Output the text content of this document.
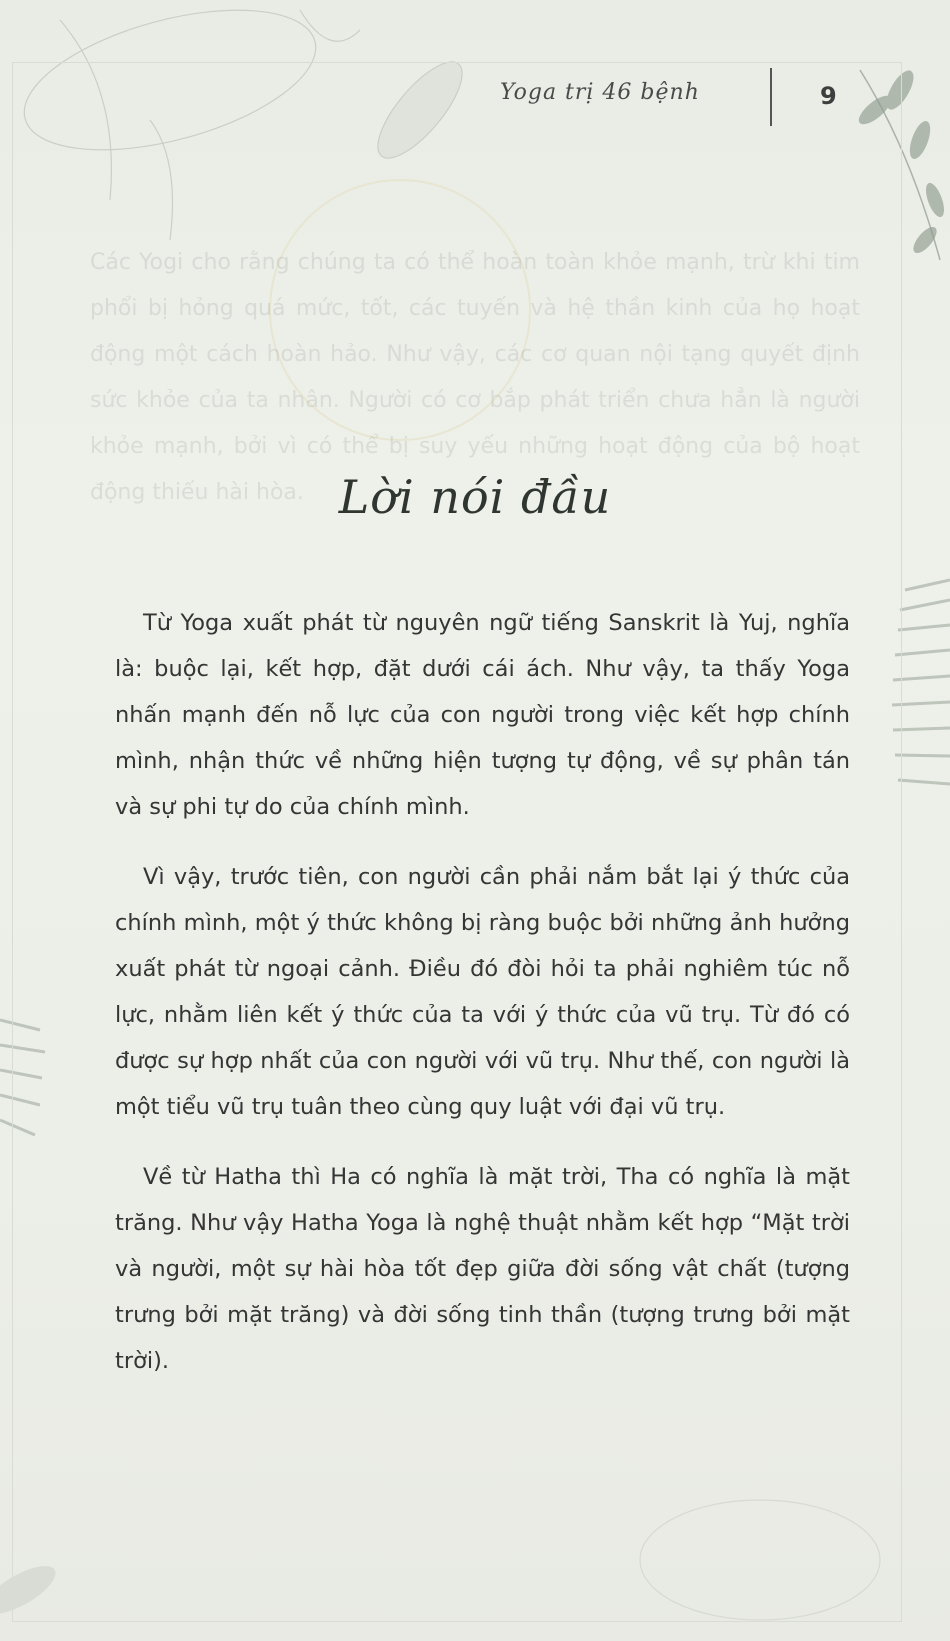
Yoga trị 46 bệnh	9
Các Yogi cho rằng chúng ta có thể hoàn toàn khỏe mạnh, trừ khi tim phổi bị hỏng quá mức, tốt, các tuyến và hệ thần kinh của họ hoạt động một cách hoàn hảo. Như vậy, các cơ quan nội tạng quyết định sức khỏe của ta nhân. Người có cơ bắp phát triển chưa hẳn là người khỏe mạnh, bởi vì có thể bị suy yếu những hoạt động của bộ hoạt động thiếu hài hòa. Lời nói đầu

Từ Yoga xuất phát từ nguyên ngữ tiếng Sanskrit là Yuj, nghĩa là: buộc lại, kết hợp, đặt dưới cái ách. Như vậy, ta thấy Yoga nhấn mạnh đến nỗ lực của con người trong việc kết hợp chính mình, nhận thức về những hiện tượng tự động, về sự phân tán và sự phi tự do của chính mình.

Vì vậy, trước tiên, con người cần phải nắm bắt lại ý thức của chính mình, một ý thức không bị ràng buộc bởi những ảnh hưởng xuất phát từ ngoại cảnh. Điều đó đòi hỏi ta phải nghiêm túc nỗ lực, nhằm liên kết ý thức của ta với ý thức của vũ trụ. Từ đó có được sự hợp nhất của con người với vũ trụ. Như thế, con người là một tiểu vũ trụ tuân theo cùng quy luật với đại vũ trụ.

Về từ Hatha thì Ha có nghĩa là mặt trời, Tha có nghĩa là mặt trăng. Như vậy Hatha Yoga là nghệ thuật nhằm kết hợp “Mặt trời và người, một sự hài hòa tốt đẹp giữa đời sống vật chất (tượng trưng bởi mặt trăng) và đời sống tinh thần (tượng trưng bởi mặt trời).
